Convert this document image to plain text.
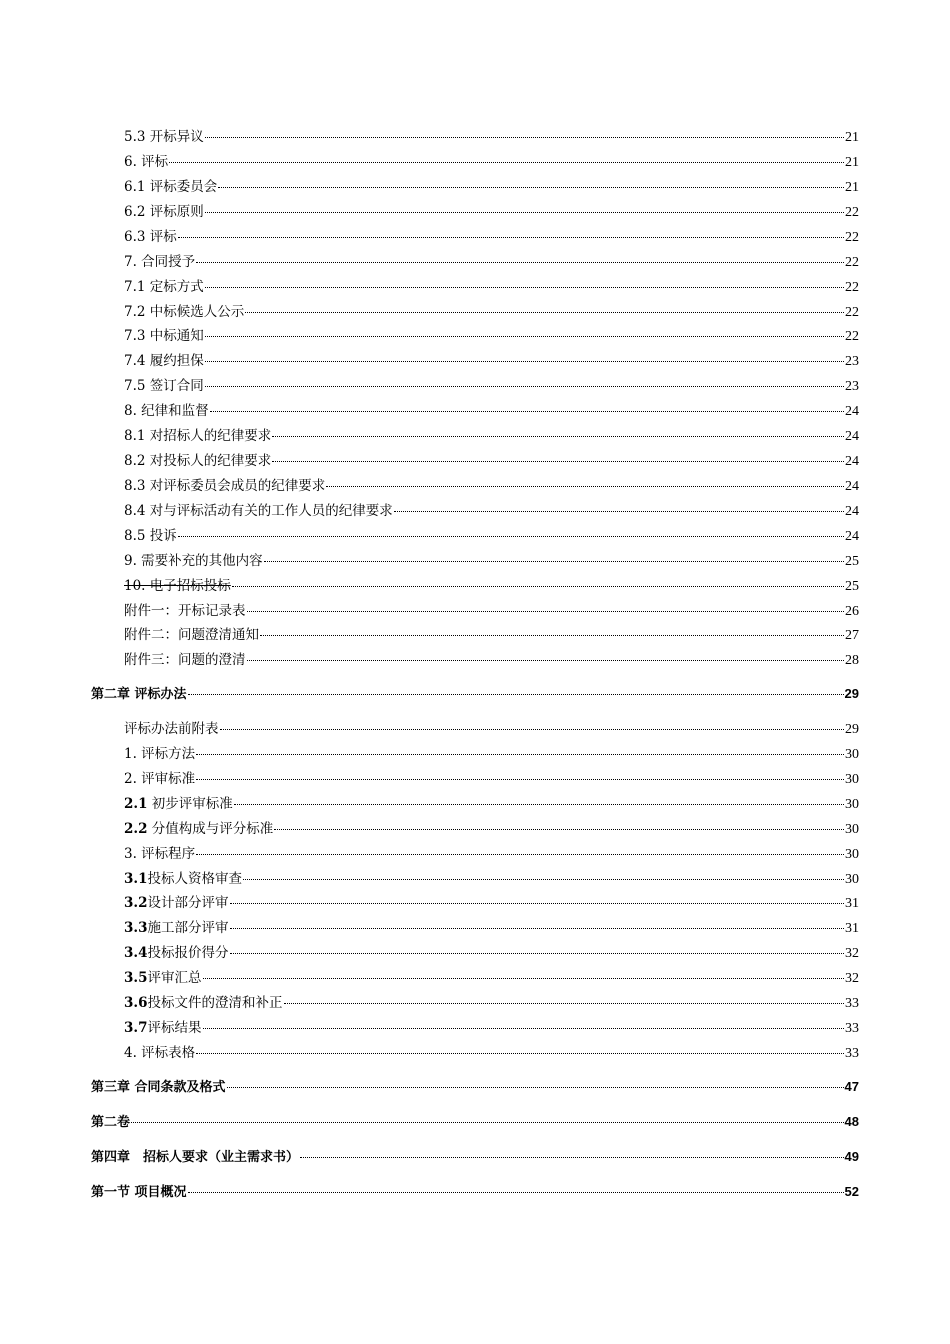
5.3 开标异议	21
6. 评标	21
6.1 评标委员会	21
6.2 评标原则	22
6.3 评标	22
7. 合同授予	22
7.1 定标方式	22
7.2 中标候选人公示	22
7.3 中标通知	22
7.4 履约担保	23
7.5 签订合同	23
8. 纪律和监督	24
8.1 对招标人的纪律要求	24
8.2 对投标人的纪律要求	24
8.3 对评标委员会成员的纪律要求	24
8.4 对与评标活动有关的工作人员的纪律要求	24
8.5 投诉	24
9. 需要补充的其他内容	25
10. 电子招标投标	25
附件一：开标记录表	26
附件二：问题澄清通知	27
附件三：问题的澄清	28
第二章 评标办法	29
评标办法前附表	29
1. 评标方法	30
2. 评审标准	30
2.1 初步评审标准	30
2.2 分值构成与评分标准	30
3. 评标程序	30
3.1投标人资格审查	30
3.2设计部分评审	31
3.3施工部分评审	31
3.4投标报价得分	32
3.5评审汇总	32
3.6投标文件的澄清和补正	33
3.7评标结果	33
4. 评标表格	33
第三章 合同条款及格式	47
第二卷	48
第四章　招标人要求（业主需求书）	49
第一节 项目概况	52
